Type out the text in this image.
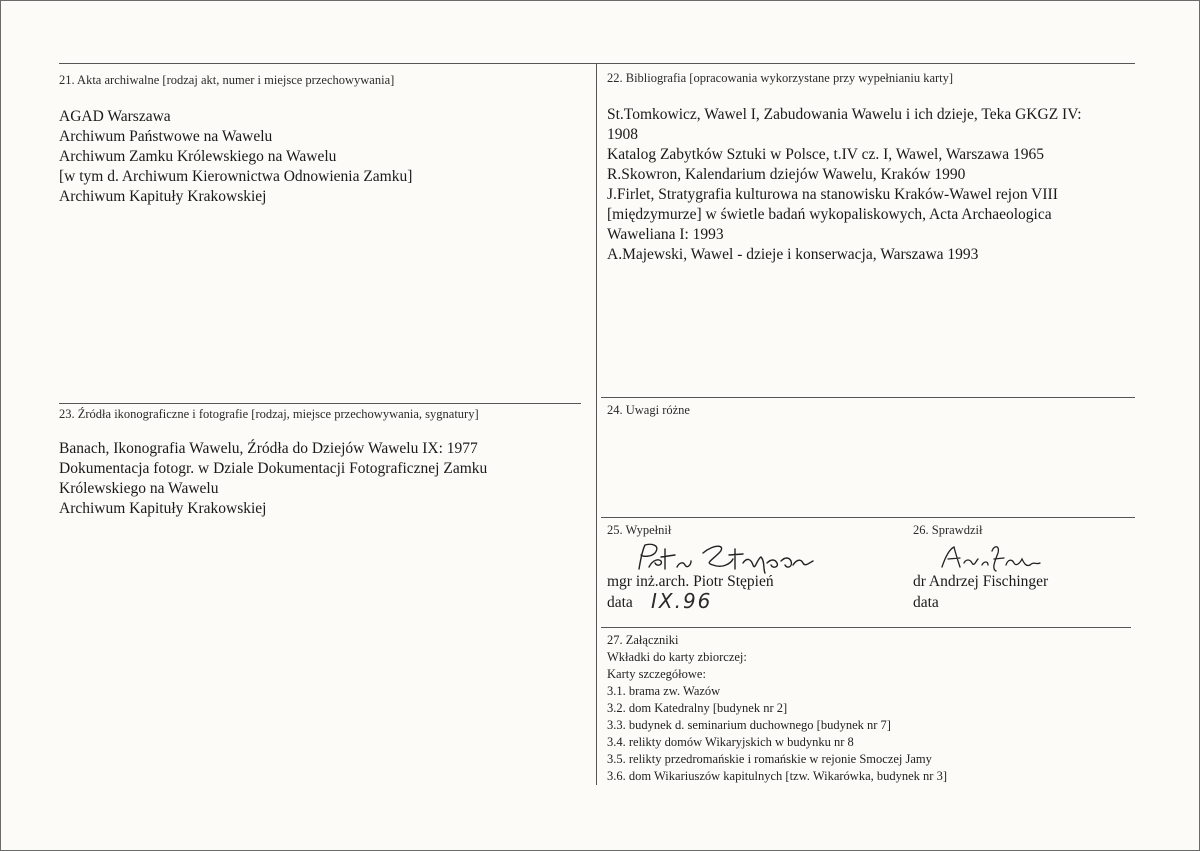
21. Akta archiwalne [rodzaj akt, numer i miejsce przechowywania]
AGAD Warszawa
Archiwum Państwowe na Wawelu
Archiwum Zamku Królewskiego na Wawelu
[w tym d. Archiwum Kierownictwa Odnowienia Zamku]
Archiwum Kapituły Krakowskiej
22. Bibliografia [opracowania wykorzystane przy wypełnianiu karty]
St.Tomkowicz, Wawel I, Zabudowania Wawelu i ich dzieje, Teka GKGZ IV:
1908
Katalog Zabytków Sztuki w Polsce, t.IV cz. I, Wawel, Warszawa 1965
R.Skowron, Kalendarium dziejów Wawelu, Kraków 1990
J.Firlet, Stratygrafia kulturowa na stanowisku Kraków-Wawel rejon VIII
[międzymurze] w świetle badań wykopaliskowych, Acta Archaeologica
Waweliana I: 1993
A.Majewski, Wawel - dzieje i konserwacja, Warszawa 1993
23. Źródła ikonograficzne i fotografie [rodzaj, miejsce przechowywania, sygnatury]
Banach, Ikonografia Wawelu, Źródła do Dziejów Wawelu IX: 1977
Dokumentacja fotogr. w Dziale Dokumentacji Fotograficznej Zamku
Królewskiego na Wawelu
Archiwum Kapituły Krakowskiej
24. Uwagi różne
25. Wypełnił
mgr inż.arch. Piotr Stępień
data IX.96
26. Sprawdził
dr Andrzej Fischinger
data
27. Załączniki
Wkładki do karty zbiorczej:
Karty szczegółowe:
3.1. brama zw. Wazów
3.2. dom Katedralny [budynek nr 2]
3.3. budynek d. seminarium duchownego [budynek nr 7]
3.4. relikty domów Wikaryjskich w budynku nr 8
3.5. relikty przedromańskie i romańskie w rejonie Smoczej Jamy
3.6. dom Wikariuszów kapitulnych [tzw. Wikarówka, budynek nr 3]
